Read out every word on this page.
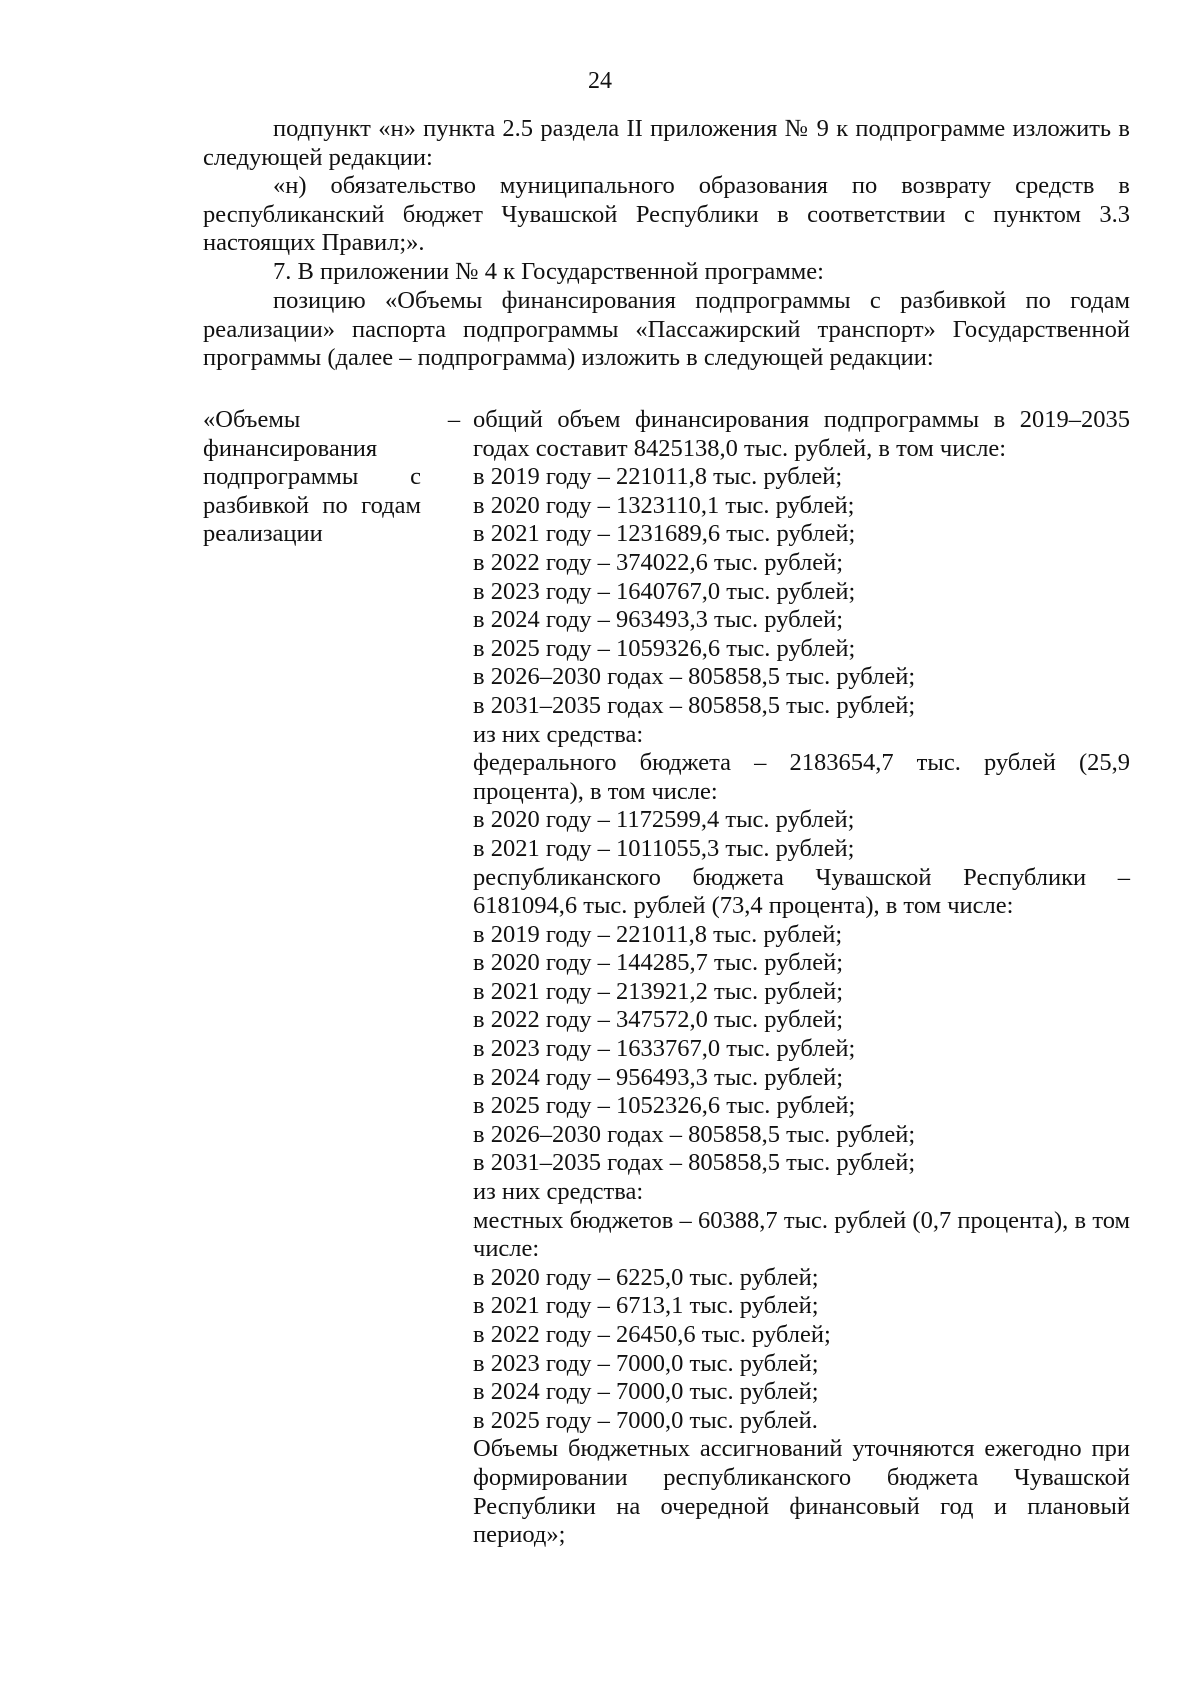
24

подпункт «н» пункта 2.5 раздела II приложения № 9 к подпрограмме изложить в следующей редакции:

«н) обязательство муниципального образования по возврату средств в республиканский бюджет Чувашской Республики в соответствии с пунктом 3.3 настоящих Правил;».

7. В приложении № 4 к Государственной программе:

позицию «Объемы финансирования подпрограммы с разбивкой по годам реализации» паспорта подпрограммы «Пассажирский транспорт» Государственной программы (далее – подпрограмма) изложить в следующей редакции:

«Объемы финансирования подпрограммы с разбивкой по годам реализации
– общий объем финансирования подпрограммы в 2019–2035 годах составит 8425138,0 тыс. рублей, в том числе:
в 2019 году – 221011,8 тыс. рублей;
в 2020 году – 1323110,1 тыс. рублей;
в 2021 году – 1231689,6 тыс. рублей;
в 2022 году – 374022,6 тыс. рублей;
в 2023 году – 1640767,0 тыс. рублей;
в 2024 году – 963493,3 тыс. рублей;
в 2025 году – 1059326,6 тыс. рублей;
в 2026–2030 годах – 805858,5 тыс. рублей;
в 2031–2035 годах – 805858,5 тыс. рублей;
из них средства:
федерального бюджета – 2183654,7 тыс. рублей (25,9 процента), в том числе:
в 2020 году – 1172599,4 тыс. рублей;
в 2021 году – 1011055,3 тыс. рублей;
республиканского бюджета Чувашской Республики – 6181094,6 тыс. рублей (73,4 процента), в том числе:
в 2019 году – 221011,8 тыс. рублей;
в 2020 году – 144285,7 тыс. рублей;
в 2021 году – 213921,2 тыс. рублей;
в 2022 году – 347572,0 тыс. рублей;
в 2023 году – 1633767,0 тыс. рублей;
в 2024 году – 956493,3 тыс. рублей;
в 2025 году – 1052326,6 тыс. рублей;
в 2026–2030 годах – 805858,5 тыс. рублей;
в 2031–2035 годах – 805858,5 тыс. рублей;
из них средства:
местных бюджетов – 60388,7 тыс. рублей (0,7 процента), в том числе:
в 2020 году – 6225,0 тыс. рублей;
в 2021 году – 6713,1 тыс. рублей;
в 2022 году – 26450,6 тыс. рублей;
в 2023 году – 7000,0 тыс. рублей;
в 2024 году – 7000,0 тыс. рублей;
в 2025 году – 7000,0 тыс. рублей.
Объемы бюджетных ассигнований уточняются ежегодно при формировании республиканского бюджета Чувашской Республики на очередной финансовый год и плановый период»;
